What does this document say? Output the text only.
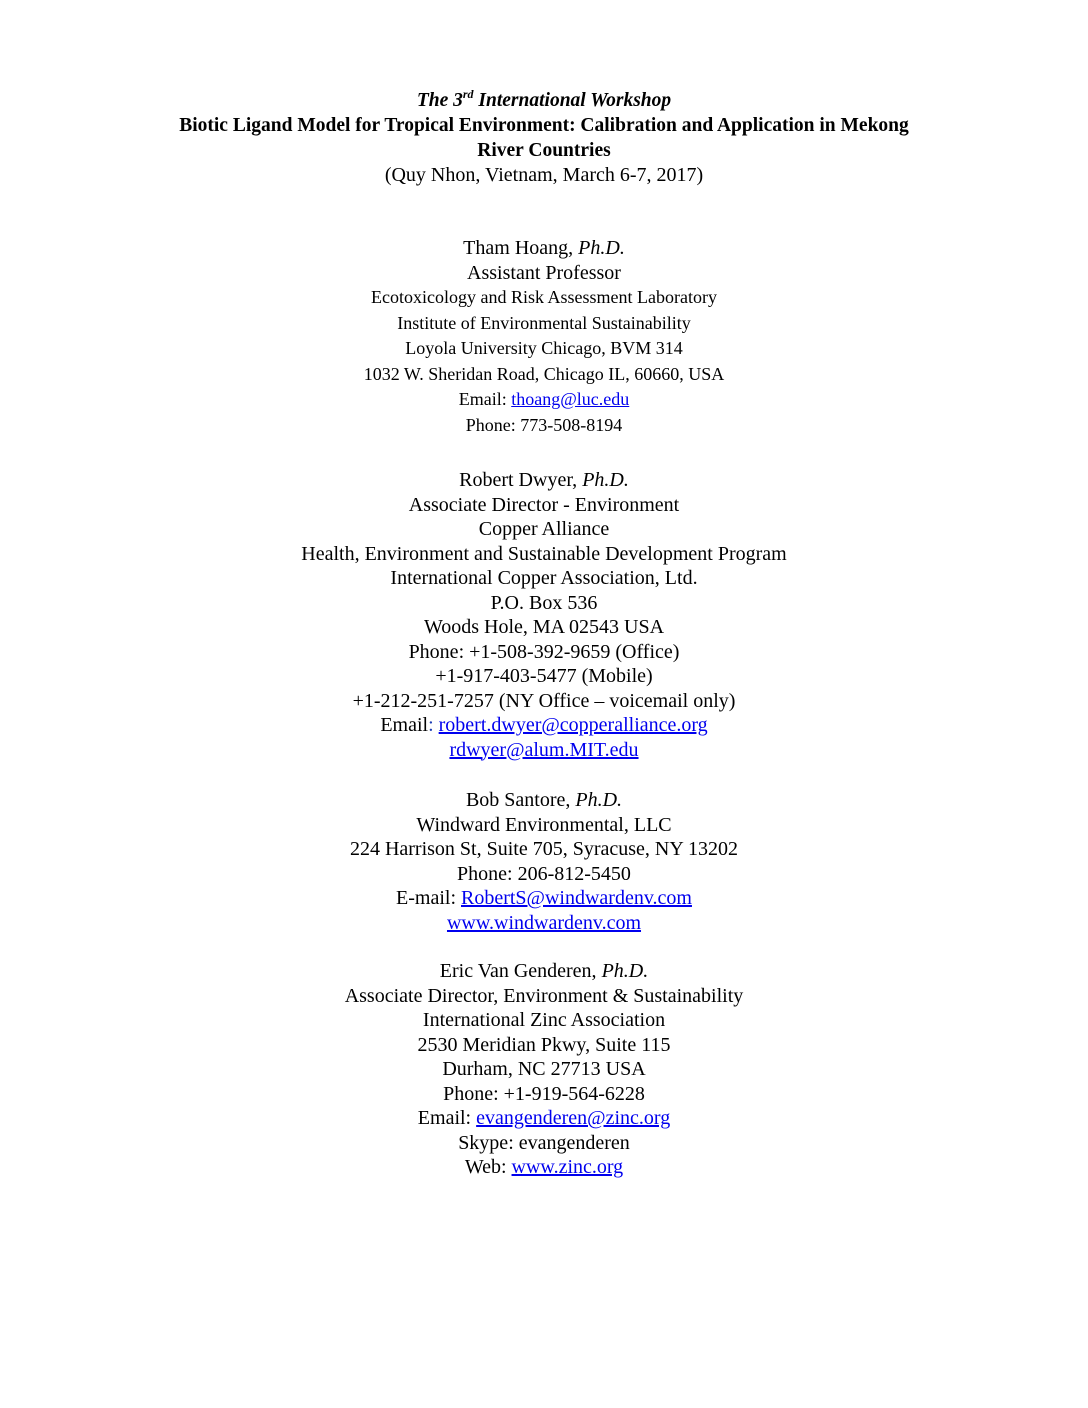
The 3rd International Workshop
Biotic Ligand Model for Tropical Environment: Calibration and Application in Mekong
River Countries
(Quy Nhon, Vietnam, March 6-7, 2017)
Tham Hoang, Ph.D.
Assistant Professor
Ecotoxicology and Risk Assessment Laboratory
Institute of Environmental Sustainability
Loyola University Chicago, BVM 314
1032 W. Sheridan Road, Chicago IL, 60660, USA
Email: thoang@luc.edu
Phone: 773-508-8194
Robert Dwyer, Ph.D.
Associate Director - Environment
Copper Alliance
Health, Environment and Sustainable Development Program
International Copper Association, Ltd.
P.O. Box 536
Woods Hole, MA 02543 USA
Phone: +1-508-392-9659 (Office)
+1-917-403-5477 (Mobile)
+1-212-251-7257 (NY Office – voicemail only)
Email: robert.dwyer@copperalliance.org
rdwyer@alum.MIT.edu
Bob Santore, Ph.D.
Windward Environmental, LLC
224 Harrison St, Suite 705, Syracuse, NY 13202
Phone: 206-812-5450
E-mail: RobertS@windwardenv.com
www.windwardenv.com
Eric Van Genderen, Ph.D.
Associate Director, Environment & Sustainability
International Zinc Association
2530 Meridian Pkwy, Suite 115
Durham, NC 27713 USA
Phone: +1-919-564-6228
Email: evangenderen@zinc.org
Skype: evangenderen
Web: www.zinc.org
